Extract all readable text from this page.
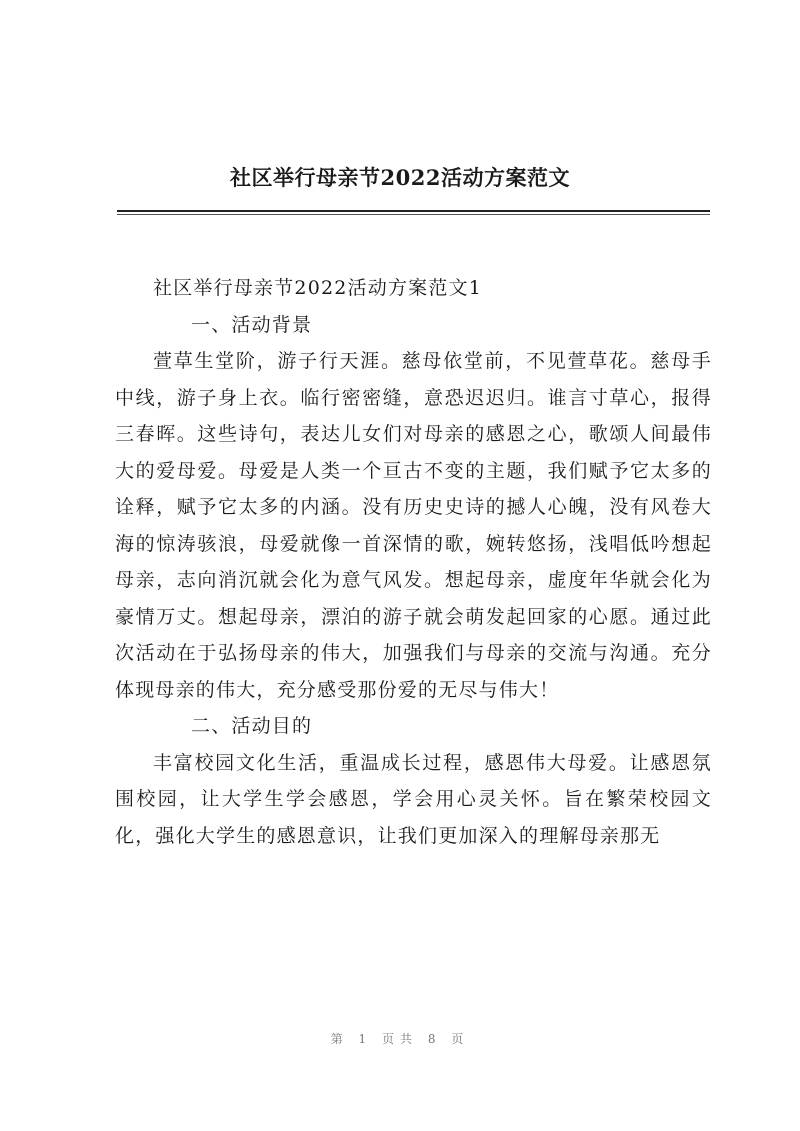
社区举行母亲节2022活动方案范文

社区举行母亲节2022活动方案范文1

一、活动背景

萱草生堂阶，游子行天涯。慈母依堂前，不见萱草花。慈母手中线，游子身上衣。临行密密缝，意恐迟迟归。谁言寸草心，报得三春晖。这些诗句，表达儿女们对母亲的感恩之心，歌颂人间最伟大的爱母爱。母爱是人类一个亘古不变的主题，我们赋予它太多的诠释，赋予它太多的内涵。没有历史史诗的撼人心魄，没有风卷大海的惊涛骇浪，母爱就像一首深情的歌，婉转悠扬，浅唱低吟想起母亲，志向消沉就会化为意气风发。想起母亲，虚度年华就会化为豪情万丈。想起母亲，漂泊的游子就会萌发起回家的心愿。通过此次活动在于弘扬母亲的伟大，加强我们与母亲的交流与沟通。充分体现母亲的伟大，充分感受那份爱的无尽与伟大！

二、活动目的

丰富校园文化生活，重温成长过程，感恩伟大母爱。让感恩氛围校园，让大学生学会感恩，学会用心灵关怀。旨在繁荣校园文化，强化大学生的感恩意识，让我们更加深入的理解母亲那无

第 1 页共 8 页
